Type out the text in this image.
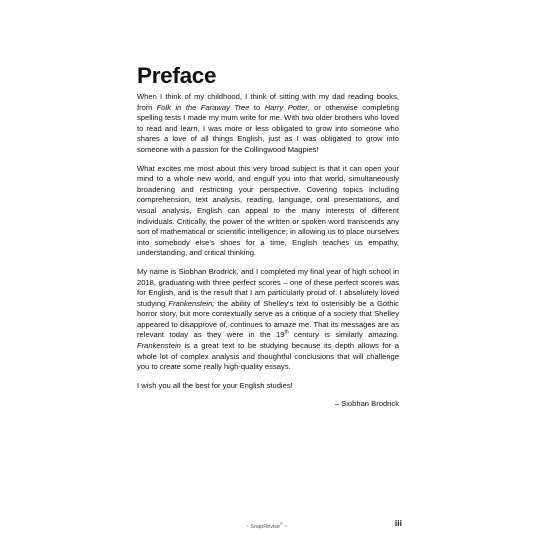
Preface

When I think of my childhood, I think of sitting with my dad reading books, from Folk in the Faraway Tree to Harry Potter, or otherwise completing spelling tests I made my mum write for me. With two older brothers who loved to read and learn, I was more or less obligated to grow into someone who shares a love of all things English, just as I was obligated to grow into someone with a passion for the Collingwood Magpies!

What excites me most about this very broad subject is that it can open your mind to a whole new world, and engulf you into that world, simultaneously broadening and restricting your perspective. Covering topics including comprehension, text analysis, reading, language, oral presentations, and visual analysis, English can appeal to the many interests of different individuals. Critically, the power of the written or spoken word transcends any sort of mathematical or scientific intelligence; in allowing us to place ourselves into somebody else’s shoes for a time, English teaches us empathy, understanding, and critical thinking.

My name is Siobhan Brodrick, and I completed my final year of high school in 2018, graduating with three perfect scores – one of these perfect scores was for English, and is the result that I am particularly proud of. I absolutely loved studying Frankenstein; the ability of Shelley’s text to ostensibly be a Gothic horror story, but more contextually serve as a critique of a society that Shelley appeared to disapprove of, continues to amaze me. That its messages are as relevant today as they were in the 19th century is similarly amazing. Frankenstein is a great text to be studying because its depth allows for a whole lot of complex analysis and thoughtful conclusions that will challenge you to create some really high-quality essays.

I wish you all the best for your English studies!

– Siobhan Brodrick

~ SnapRevise® ~	iii
